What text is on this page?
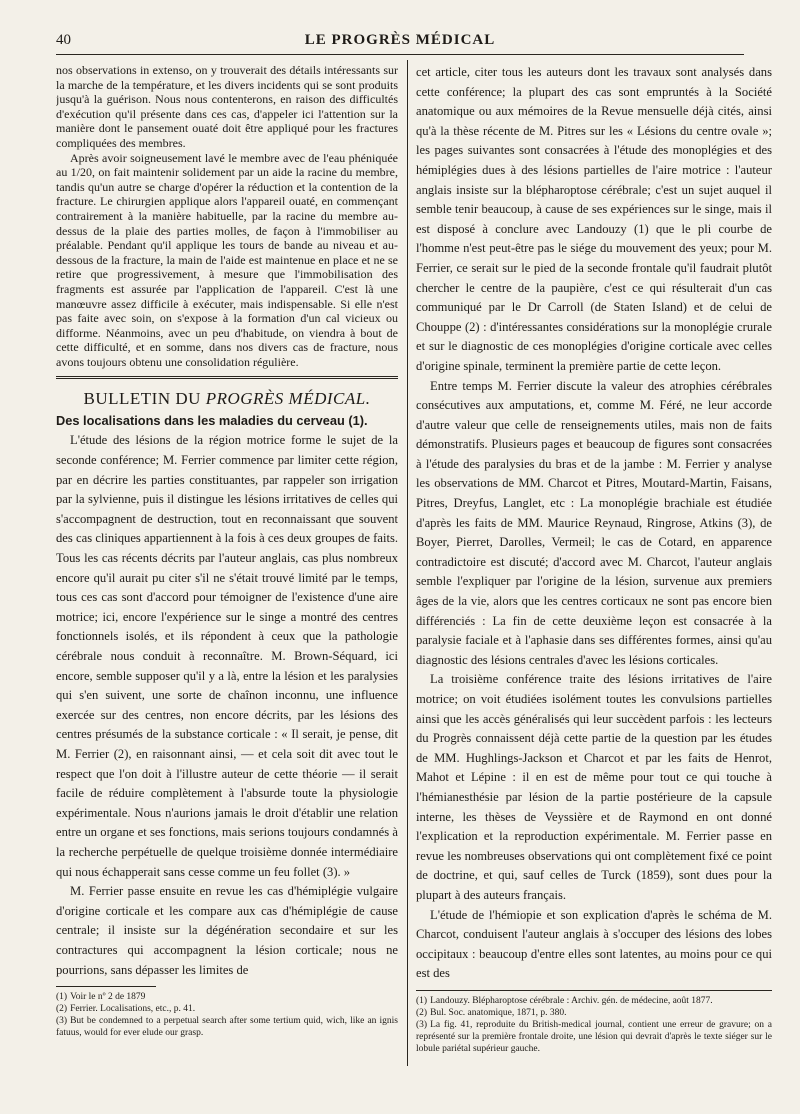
40	LE PROGRÈS MÉDICAL

nos observations in extenso, on y trouverait des détails intéressants sur la marche de la température, et les divers incidents qui se sont produits jusqu'à la guérison. Nous nous contenterons, en raison des difficultés d'exécution qu'il présente dans ces cas, d'appeler ici l'attention sur la manière dont le pansement ouaté doit être appliqué pour les fractures compliquées des membres.

Après avoir soigneusement lavé le membre avec de l'eau phéniquée au 1/20, on fait maintenir solidement par un aide la racine du membre, tandis qu'un autre se charge d'opérer la réduction et la contention de la fracture. Le chirurgien applique alors l'appareil ouaté, en commençant contrairement à la manière habituelle, par la racine du membre au-dessus de la plaie des parties molles, de façon à l'immobiliser au préalable. Pendant qu'il applique les tours de bande au niveau et au-dessous de la fracture, la main de l'aide est maintenue en place et ne se retire que progressivement, à mesure que l'immobilisation des fragments est assurée par l'application de l'appareil. C'est là une manœuvre assez difficile à exécuter, mais indispensable. Si elle n'est pas faite avec soin, on s'expose à la formation d'un cal vicieux ou difforme. Néanmoins, avec un peu d'habitude, on viendra à bout de cette difficulté, et en somme, dans nos divers cas de fracture, nous avons toujours obtenu une consolidation régulière.

BULLETIN DU PROGRÈS MÉDICAL.
Des localisations dans les maladies du cerveau (1).

L'étude des lésions de la région motrice forme le sujet de la seconde conférence; M. Ferrier commence par limiter cette région, par en décrire les parties constituantes, par rappeler son irrigation par la sylvienne, puis il distingue les lésions irritatives de celles qui s'accompagnent de destruction, tout en reconnaissant que souvent des cas cliniques appartiennent à la fois à ces deux groupes de faits. Tous les cas récents décrits par l'auteur anglais, cas plus nombreux encore qu'il aurait pu citer s'il ne s'était trouvé limité par le temps, tous ces cas sont d'accord pour témoigner de l'existence d'une aire motrice; ici, encore l'expérience sur le singe a montré des centres fonctionnels isolés, et ils répondent à ceux que la pathologie cérébrale nous conduit à reconnaître. M. Brown-Séquard, ici encore, semble supposer qu'il y a là, entre la lésion et les paralysies qui s'en suivent, une sorte de chaînon inconnu, une influence exercée sur des centres, non encore décrits, par les lésions des centres présumés de la substance corticale : « Il serait, je pense, dit M. Ferrier (2), en raisonnant ainsi, — et cela soit dit avec tout le respect que l'on doit à l'illustre auteur de cette théorie — il serait facile de réduire complètement à l'absurde toute la physiologie expérimentale. Nous n'aurions jamais le droit d'établir une relation entre un organe et ses fonctions, mais serions toujours condamnés à la recherche perpétuelle de quelque troisième donnée intermédiaire qui nous échapperait sans cesse comme un feu follet (3). »

M. Ferrier passe ensuite en revue les cas d'hémiplégie vulgaire d'origine corticale et les compare aux cas d'hémiplégie de cause centrale; il insiste sur la dégénération secondaire et sur les contractures qui accompagnent la lésion corticale; nous ne pourrions, sans dépasser les limites de

(1) Voir le nº 2 de 1879

(2) Ferrier. Localisations, etc., p. 41.

(3) But be condemned to a perpetual search after some tertium quid, wich, like an ignis fatuus, would for ever elude our grasp.

cet article, citer tous les auteurs dont les travaux sont analysés dans cette conférence; la plupart des cas sont empruntés à la Société anatomique ou aux mémoires de la Revue mensuelle déjà cités, ainsi qu'à la thèse récente de M. Pitres sur les « Lésions du centre ovale »; les pages suivantes sont consacrées à l'étude des monoplégies et des hémiplégies dues à des lésions partielles de l'aire motrice : l'auteur anglais insiste sur la blépharoptose cérébrale; c'est un sujet auquel il semble tenir beaucoup, à cause de ses expériences sur le singe, mais il est disposé à conclure avec Landouzy (1) que le pli courbe de l'homme n'est peut-être pas le siége du mouvement des yeux; pour M. Ferrier, ce serait sur le pied de la seconde frontale qu'il faudrait plutôt chercher le centre de la paupière, c'est ce qui résulterait d'un cas communiqué par le Dr Carroll (de Staten Island) et de celui de Chouppe (2) : d'intéressantes considérations sur la monoplégie crurale et sur le diagnostic de ces monoplégies d'origine corticale avec celles d'origine spinale, terminent la première partie de cette leçon.

Entre temps M. Ferrier discute la valeur des atrophies cérébrales consécutives aux amputations, et, comme M. Féré, ne leur accorde d'autre valeur que celle de renseignements utiles, mais non de faits démonstratifs. Plusieurs pages et beaucoup de figures sont consacrées à l'étude des paralysies du bras et de la jambe : M. Ferrier y analyse les observations de MM. Charcot et Pitres, Moutard-Martin, Faisans, Pitres, Dreyfus, Langlet, etc : La monoplégie brachiale est étudiée d'après les faits de MM. Maurice Reynaud, Ringrose, Atkins (3), de Boyer, Pierret, Darolles, Vermeil; le cas de Cotard, en apparence contradictoire est discuté; d'accord avec M. Charcot, l'auteur anglais semble l'expliquer par l'origine de la lésion, survenue aux premiers âges de la vie, alors que les centres corticaux ne sont pas encore bien différenciés : La fin de cette deuxième leçon est consacrée à la paralysie faciale et à l'aphasie dans ses différentes formes, ainsi qu'au diagnostic des lésions centrales d'avec les lésions corticales.

La troisième conférence traite des lésions irritatives de l'aire motrice; on voit étudiées isolément toutes les convulsions partielles ainsi que les accès généralisés qui leur succèdent parfois : les lecteurs du Progrès connaissent déjà cette partie de la question par les études de MM. Hughlings-Jackson et Charcot et par les faits de Henrot, Mahot et Lépine : il en est de même pour tout ce qui touche à l'hémianesthésie par lésion de la partie postérieure de la capsule interne, les thèses de Veyssière et de Raymond en ont donné l'explication et la reproduction expérimentale. M. Ferrier passe en revue les nombreuses observations qui ont complètement fixé ce point de doctrine, et qui, sauf celles de Turck (1859), sont dues pour la plupart à des auteurs français.

L'étude de l'hémiopie et son explication d'après le schéma de M. Charcot, conduisent l'auteur anglais à s'occuper des lésions des lobes occipitaux : beaucoup d'entre elles sont latentes, au moins pour ce qui est des

(1) Landouzy. Blépharoptose cérébrale : Archiv. gén. de médecine, août 1877.

(2) Bul. Soc. anatomique, 1871, p. 380.

(3) La fig. 41, reproduite du British-medical journal, contient une erreur de gravure; on a représenté sur la première frontale droite, une lésion qui devrait d'après le texte siéger sur le lobule pariétal supérieur gauche.
